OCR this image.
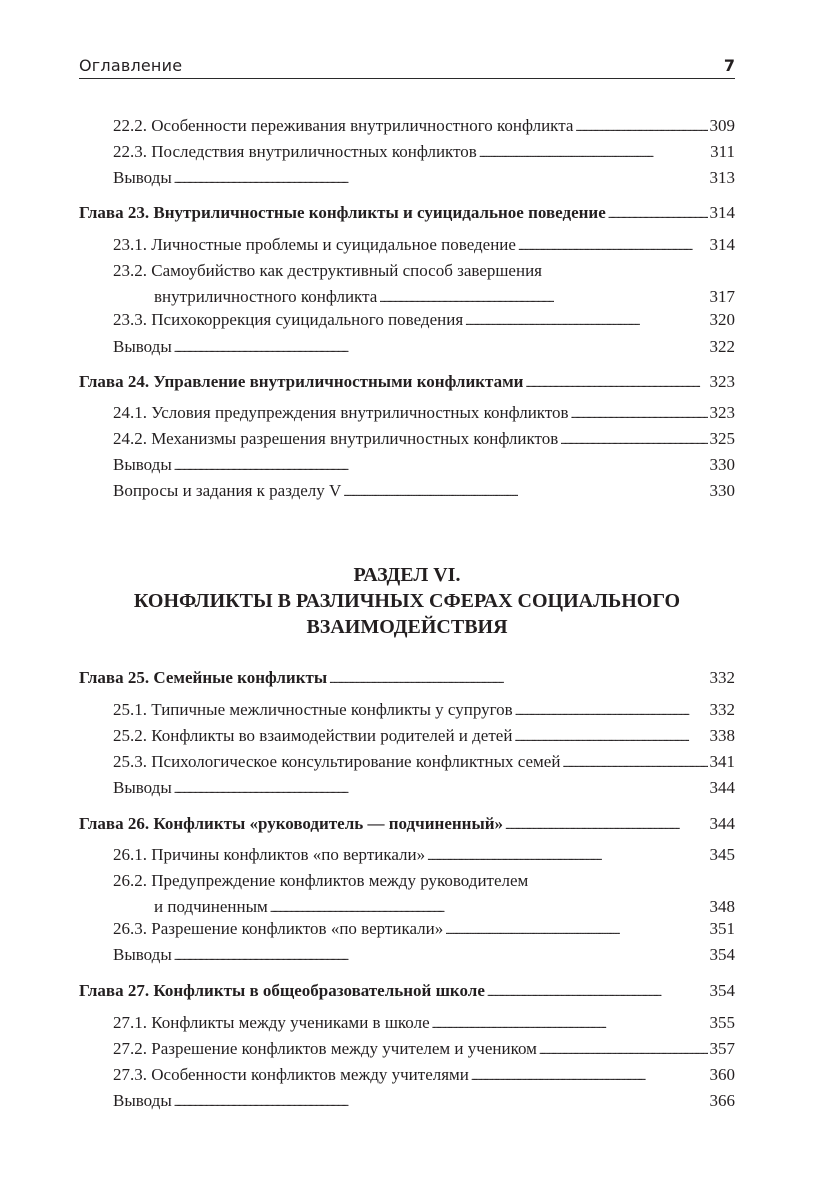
Оглавление	7
22.2. Особенности переживания внутриличностного конфликта . . .	309
22.3. Последствия внутриличностных конфликтов . . .	311
Выводы . . .	313
Глава 23. Внутриличностные конфликты и суицидальное поведение . . .	314
23.1. Личностные проблемы и суицидальное поведение . . .	314
23.2. Самоубийство как деструктивный способ завершения
внутриличностного конфликта . . .	317
23.3. Психокоррекция суицидального поведения . . .	320
Выводы . . .	322
Глава 24. Управление внутриличностными конфликтами . . .	323
24.1. Условия предупреждения внутриличностных конфликтов . . .	323
24.2. Механизмы разрешения внутриличностных конфликтов . . .	325
Выводы . . .	330
Вопросы и задания к разделу V . . .	330
РАЗДЕЛ VI.
КОНФЛИКТЫ В РАЗЛИЧНЫХ СФЕРАХ СОЦИАЛЬНОГО
ВЗАИМОДЕЙСТВИЯ
Глава 25. Семейные конфликты . . .	332
25.1. Типичные межличностные конфликты у супругов . . .	332
25.2. Конфликты во взаимодействии родителей и детей . . .	338
25.3. Психологическое консультирование конфликтных семей . . .	341
Выводы . . .	344
Глава 26. Конфликты «руководитель — подчиненный» . . .	344
26.1. Причины конфликтов «по вертикали» . . .	345
26.2. Предупреждение конфликтов между руководителем
и подчиненным . . .	348
26.3. Разрешение конфликтов «по вертикали» . . .	351
Выводы . . .	354
Глава 27. Конфликты в общеобразовательной школе . . .	354
27.1. Конфликты между учениками в школе . . .	355
27.2. Разрешение конфликтов между учителем и учеником . . .	357
27.3. Особенности конфликтов между учителями . . .	360
Выводы . . .	366
